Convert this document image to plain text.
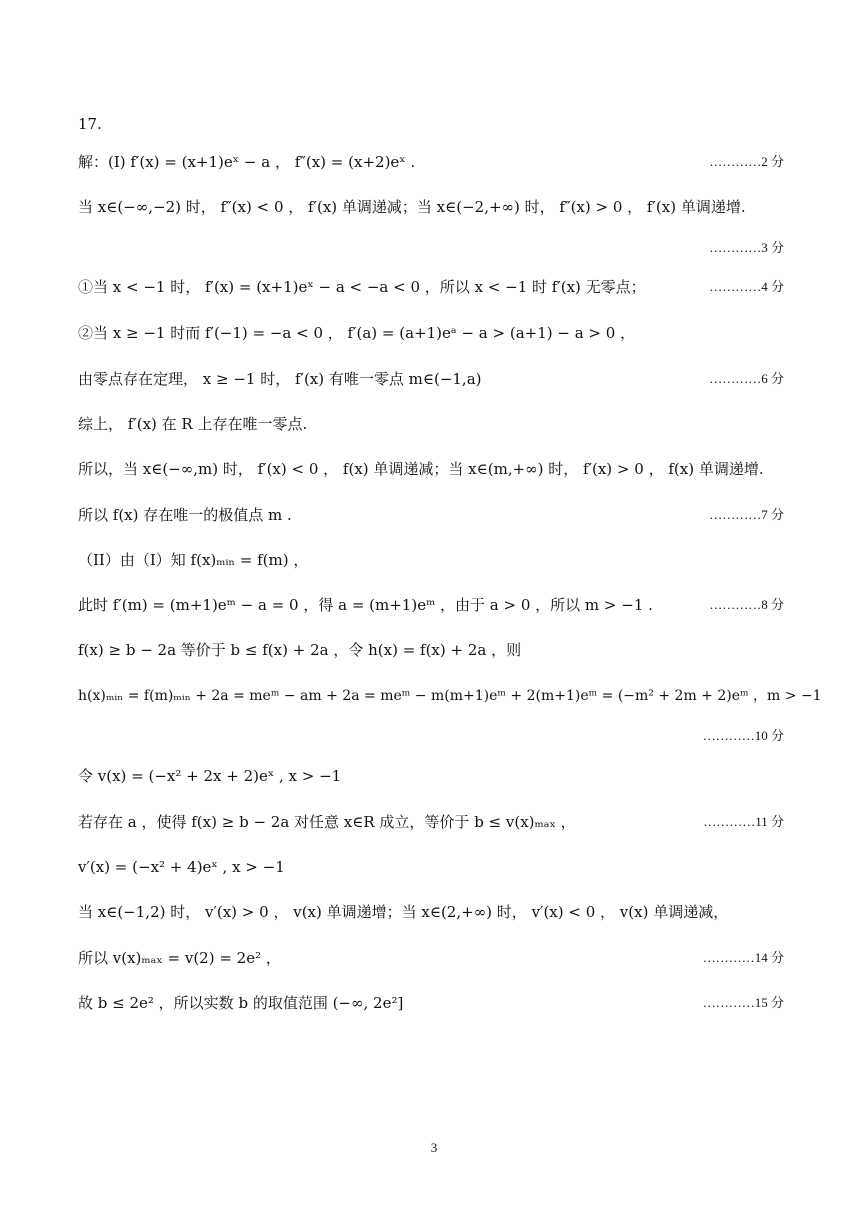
17.
解：(I) f′(x) = (x+1)eˣ − a ， f″(x) = (x+2)eˣ .	…………2 分
当 x∈(−∞,−2) 时， f″(x) < 0 ， f′(x) 单调递减；当 x∈(−2,+∞) 时， f″(x) > 0 ， f′(x) 单调递增.
…………3 分
①当 x < −1 时， f′(x) = (x+1)eˣ − a < −a < 0 ，所以 x < −1 时 f′(x) 无零点；	…………4 分
②当 x ≥ −1 时而 f′(−1) = −a < 0 ， f′(a) = (a+1)eᵃ − a > (a+1) − a > 0 ，
由零点存在定理， x ≥ −1 时， f′(x) 有唯一零点 m∈(−1,a)	…………6 分
综上， f′(x) 在 R 上存在唯一零点.
所以，当 x∈(−∞,m) 时， f′(x) < 0 ， f(x) 单调递减；当 x∈(m,+∞) 时， f′(x) > 0 ， f(x) 单调递增.
所以 f(x) 存在唯一的极值点 m .	…………7 分
（II）由（I）知 f(x)ₘᵢₙ = f(m) ，
此时 f′(m) = (m+1)eᵐ − a = 0 ，得 a = (m+1)eᵐ ，由于 a > 0 ，所以 m > −1 .	…………8 分
f(x) ≥ b − 2a 等价于 b ≤ f(x) + 2a ，令 h(x) = f(x) + 2a ，则
h(x)ₘᵢₙ = f(m)ₘᵢₙ + 2a = meᵐ − am + 2a = meᵐ − m(m+1)eᵐ + 2(m+1)eᵐ = (−m² + 2m + 2)eᵐ ，m > −1
…………10 分
令 v(x) = (−x² + 2x + 2)eˣ , x > −1
若存在 a ，使得 f(x) ≥ b − 2a 对任意 x∈R 成立，等价于 b ≤ v(x)ₘₐₓ ，	…………11 分
v′(x) = (−x² + 4)eˣ , x > −1
当 x∈(−1,2) 时， v′(x) > 0 ， v(x) 单调递增；当 x∈(2,+∞) 时， v′(x) < 0 ， v(x) 单调递减，
所以 v(x)ₘₐₓ = v(2) = 2e² ，	…………14 分
故 b ≤ 2e² ，所以实数 b 的取值范围 (−∞, 2e²]	…………15 分
3
